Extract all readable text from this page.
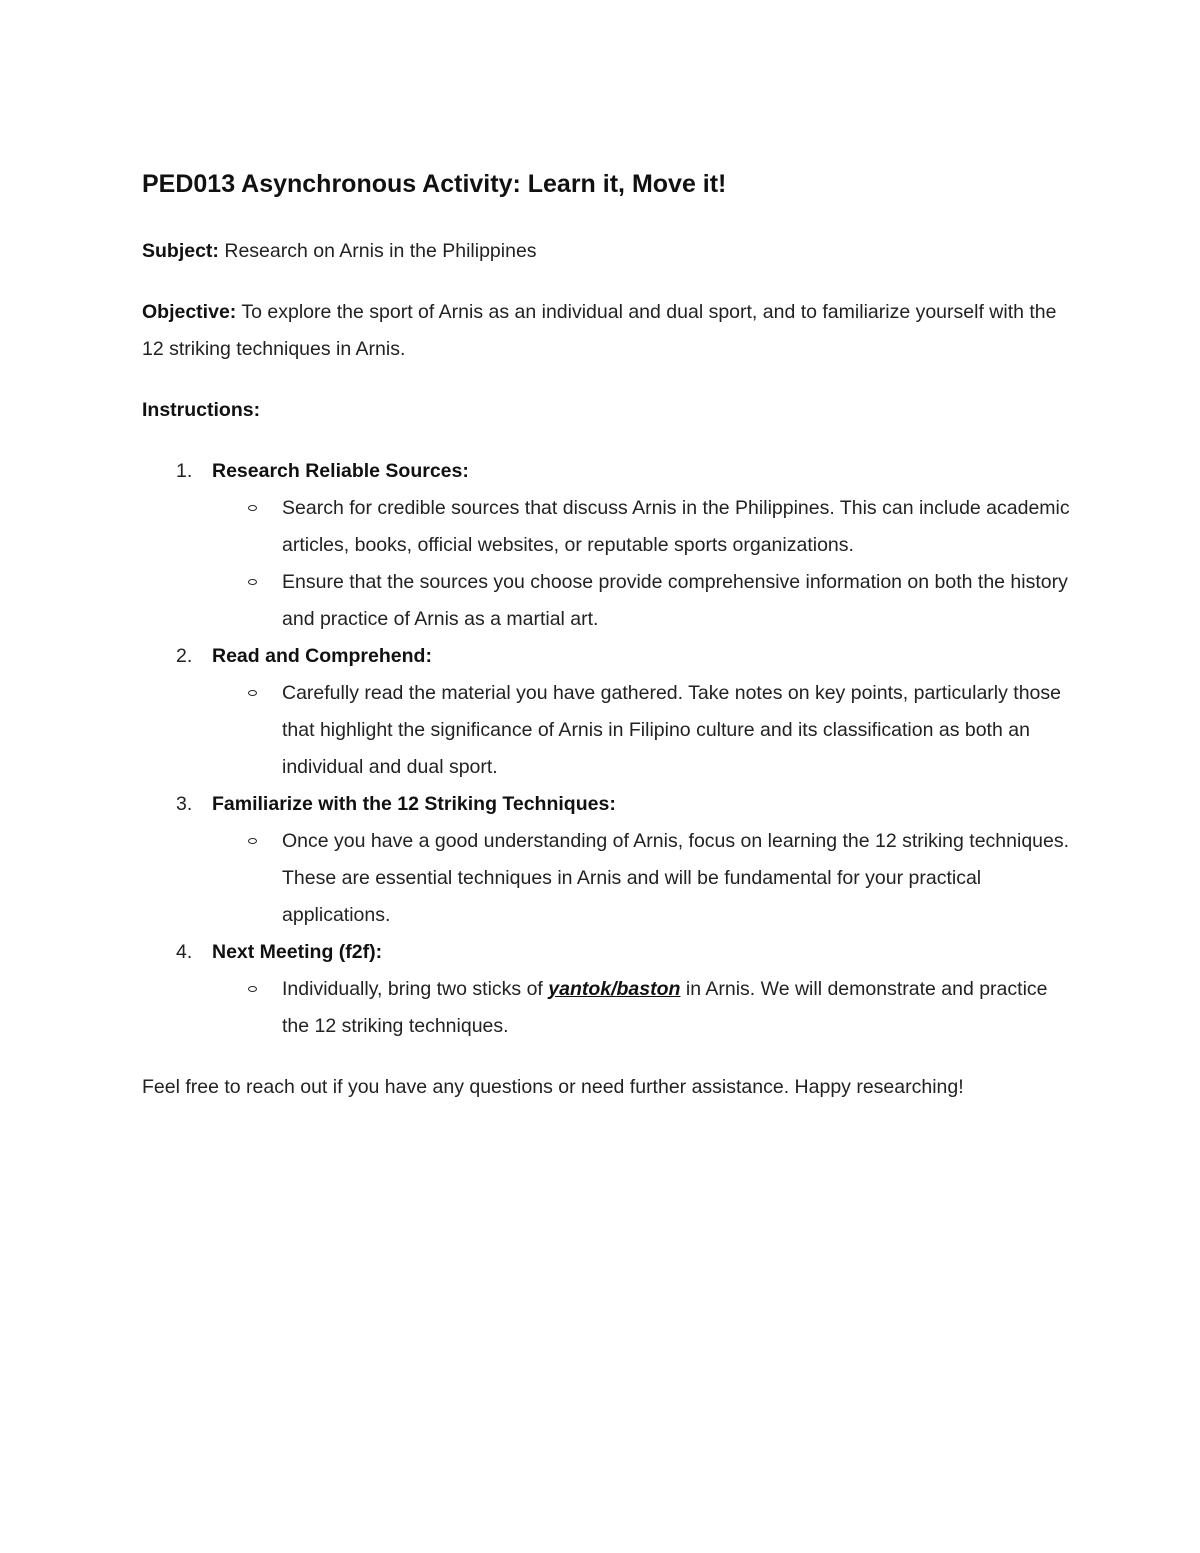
PED013 Asynchronous Activity: Learn it, Move it!

Subject: Research on Arnis in the Philippines

Objective: To explore the sport of Arnis as an individual and dual sport, and to familiarize yourself with the 12 striking techniques in Arnis.

Instructions:

1. Research Reliable Sources:
Search for credible sources that discuss Arnis in the Philippines. This can include academic articles, books, official websites, or reputable sports organizations.
Ensure that the sources you choose provide comprehensive information on both the history and practice of Arnis as a martial art.
2. Read and Comprehend:
Carefully read the material you have gathered. Take notes on key points, particularly those that highlight the significance of Arnis in Filipino culture and its classification as both an individual and dual sport.
3. Familiarize with the 12 Striking Techniques:
Once you have a good understanding of Arnis, focus on learning the 12 striking techniques. These are essential techniques in Arnis and will be fundamental for your practical applications.
4. Next Meeting (f2f):
Individually, bring two sticks of yantok/baston in Arnis. We will demonstrate and practice the 12 striking techniques.

Feel free to reach out if you have any questions or need further assistance. Happy researching!
